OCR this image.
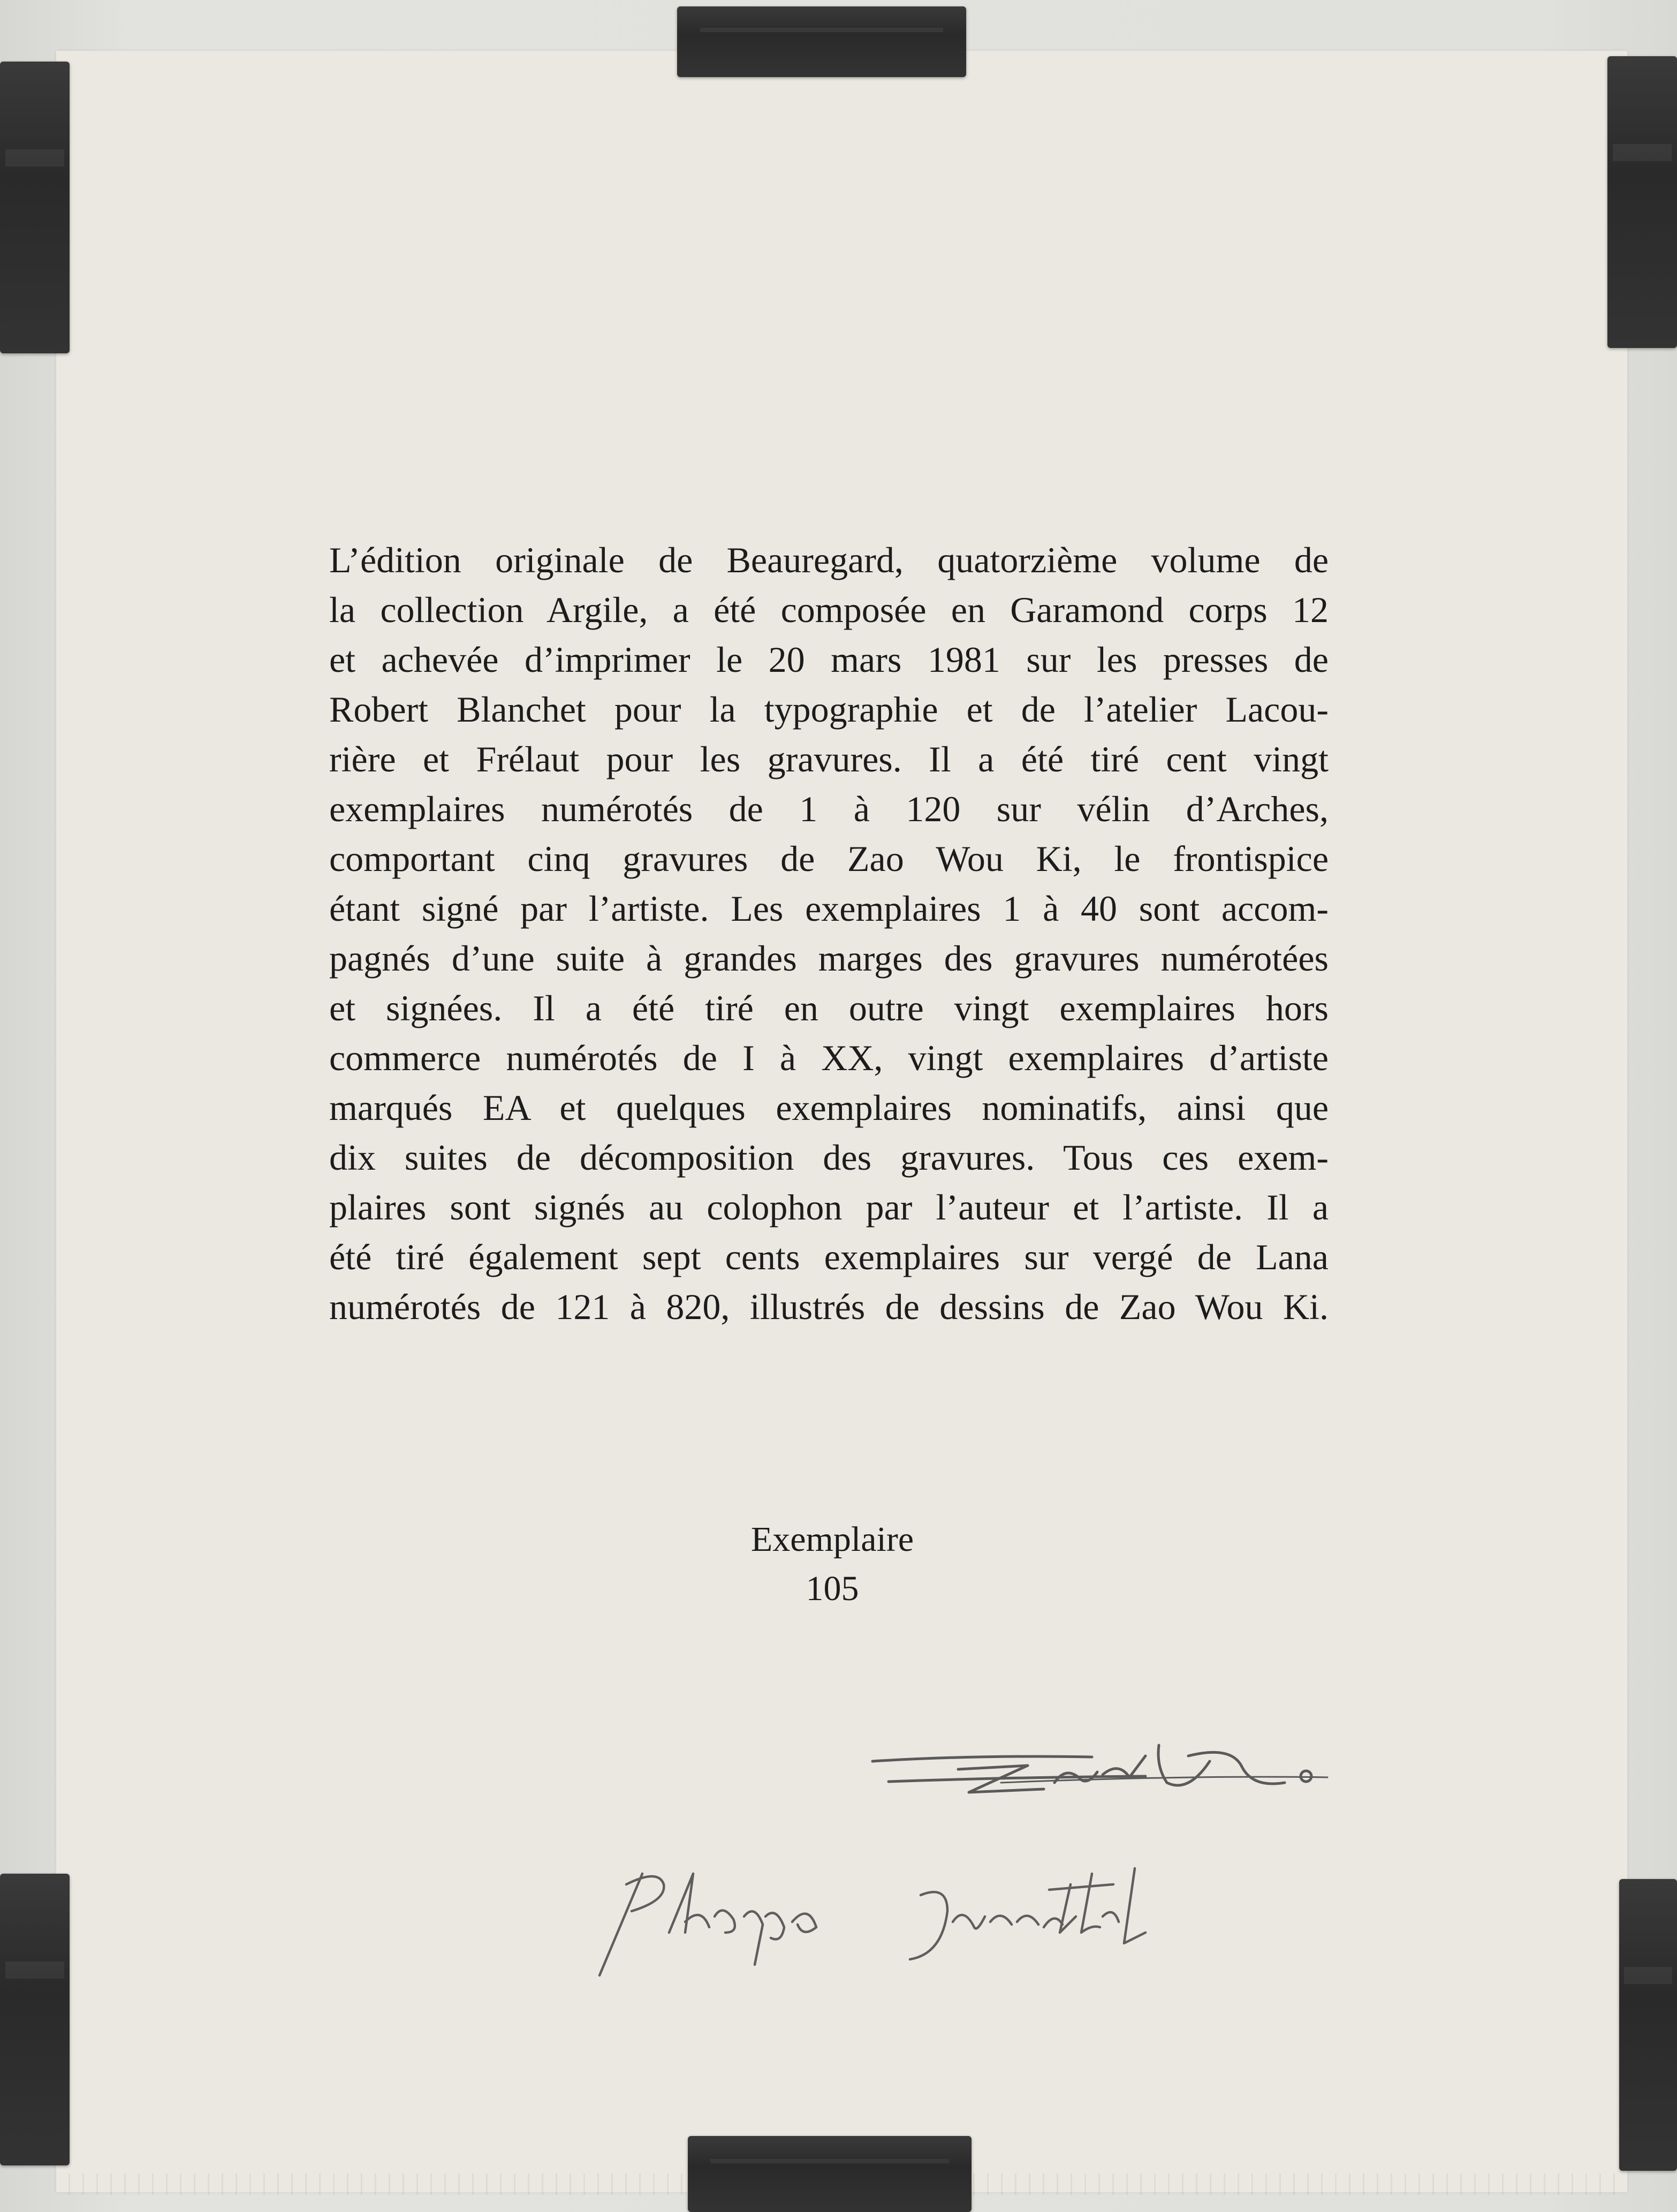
L’édition originale de Beauregard, quatorzième volume de
la collection Argile, a été composée en Garamond corps 12
et achevée d’imprimer le 20 mars 1981 sur les presses de
Robert Blanchet pour la typographie et de l’atelier Lacou-
rière et Frélaut pour les gravures. Il a été tiré cent vingt
exemplaires numérotés de 1 à 120 sur vélin d’Arches,
comportant cinq gravures de Zao Wou Ki, le frontispice
étant signé par l’artiste. Les exemplaires 1 à 40 sont accom-
pagnés d’une suite à grandes marges des gravures numérotées
et signées. Il a été tiré en outre vingt exemplaires hors
commerce numérotés de I à XX, vingt exemplaires d’artiste
marqués EA et quelques exemplaires nominatifs, ainsi que
dix suites de décomposition des gravures. Tous ces exem-
plaires sont signés au colophon par l’auteur et l’artiste. Il a
été tiré également sept cents exemplaires sur vergé de Lana
numérotés de 121 à 820, illustrés de dessins de Zao Wou Ki.
Exemplaire
105
